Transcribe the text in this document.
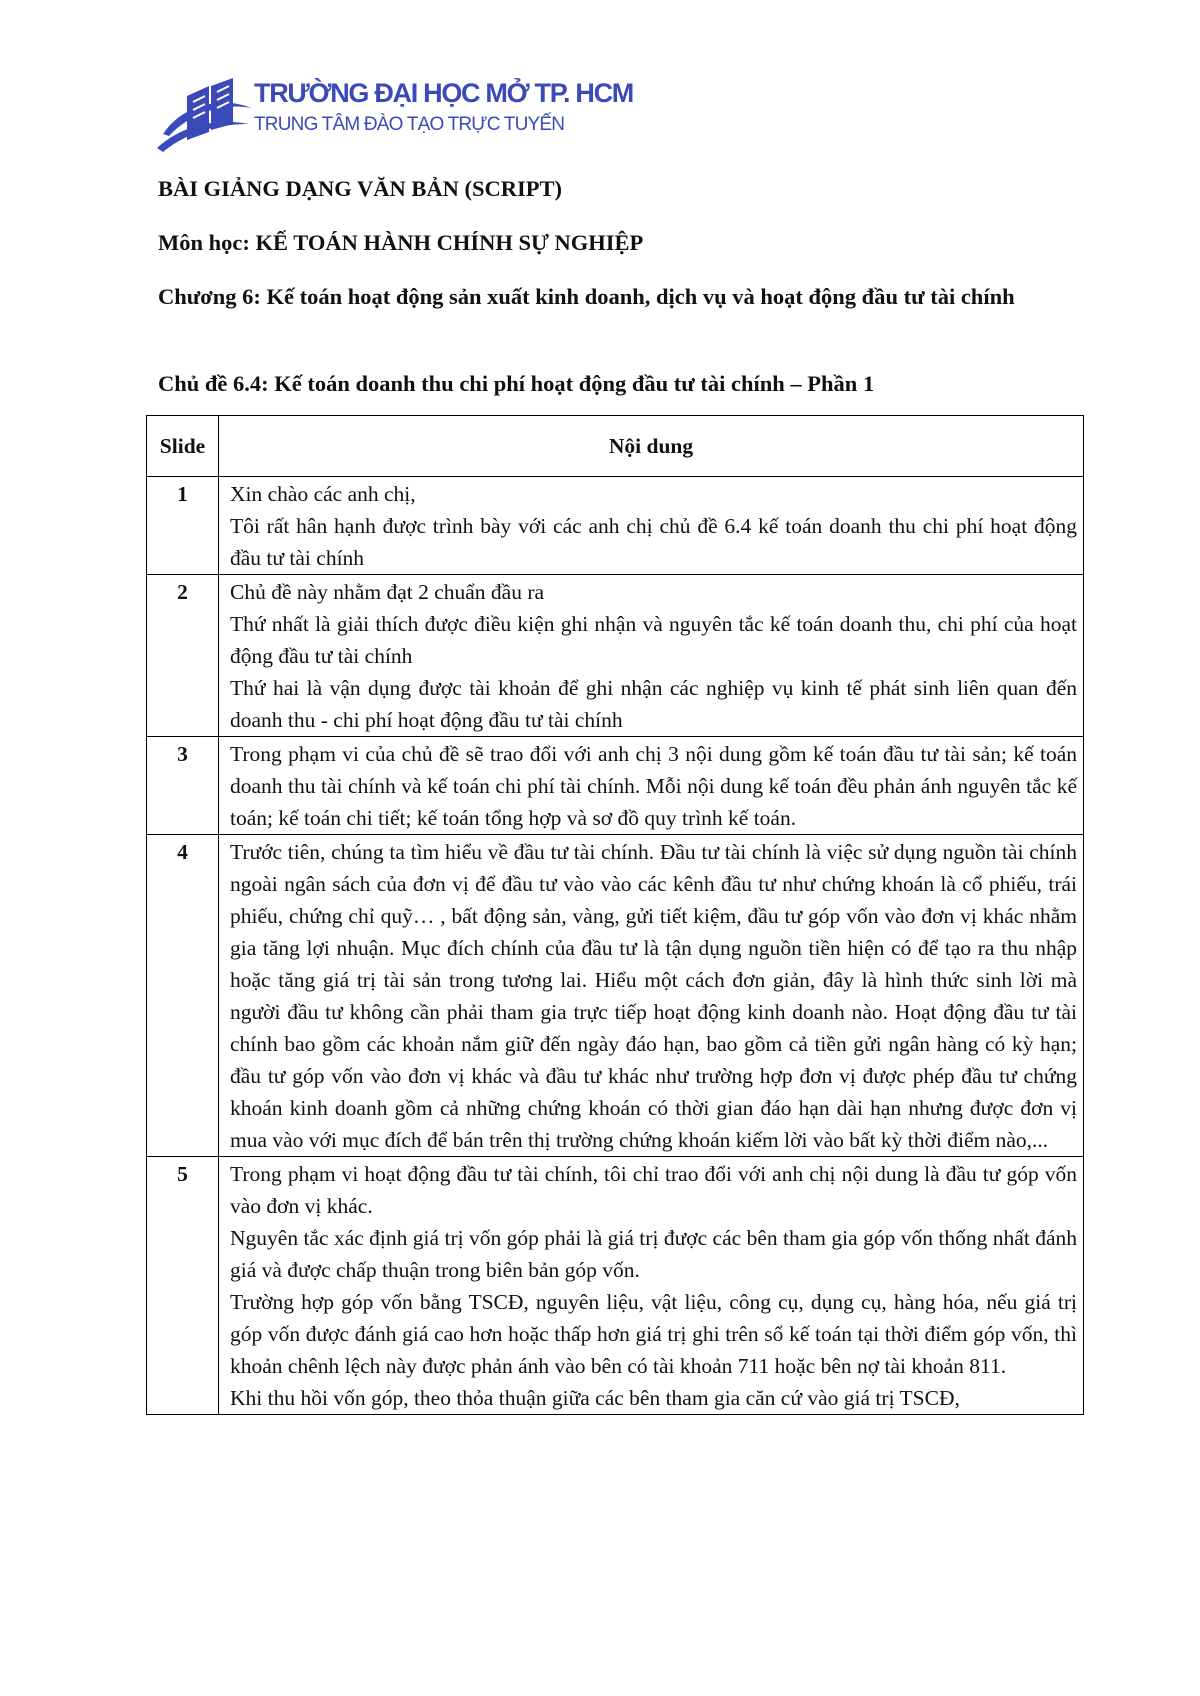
TRƯỜNG ĐẠI HỌC MỞ TP. HCM
TRUNG TÂM ĐÀO TẠO TRỰC TUYẾN
BÀI GIẢNG DẠNG VĂN BẢN (SCRIPT)
Môn học: KẾ TOÁN HÀNH CHÍNH SỰ NGHIỆP
Chương 6: Kế toán hoạt động sản xuất kinh doanh, dịch vụ và hoạt động đầu tư tài chính
Chủ đề 6.4: Kế toán doanh thu chi phí hoạt động đầu tư tài chính – Phần 1
Slide	Nội dung
1	Xin chào các anh chị,

Tôi rất hân hạnh được trình bày với các anh chị chủ đề 6.4 kế toán doanh thu chi phí hoạt động đầu tư tài chính

2	Chủ đề này nhằm đạt 2 chuẩn đầu ra

Thứ nhất là giải thích được điều kiện ghi nhận và nguyên tắc kế toán doanh thu, chi phí của hoạt động đầu tư tài chính

Thứ hai là vận dụng được tài khoản để ghi nhận các nghiệp vụ kinh tế phát sinh liên quan đến doanh thu - chi phí hoạt động đầu tư tài chính

3	Trong phạm vi của chủ đề sẽ trao đổi với anh chị 3 nội dung gồm kế toán đầu tư tài sản; kế toán doanh thu tài chính và kế toán chi phí tài chính. Mỗi nội dung kế toán đều phản ánh nguyên tắc kế toán; kế toán chi tiết; kế toán tổng hợp và sơ đồ quy trình kế toán.

4	Trước tiên, chúng ta tìm hiểu về đầu tư tài chính. Đầu tư tài chính là việc sử dụng nguồn tài chính ngoài ngân sách của đơn vị để đầu tư vào vào các kênh đầu tư như chứng khoán là cổ phiếu, trái phiếu, chứng chỉ quỹ… , bất động sản, vàng, gửi tiết kiệm, đầu tư góp vốn vào đơn vị khác nhằm gia tăng lợi nhuận. Mục đích chính của đầu tư là tận dụng nguồn tiền hiện có để tạo ra thu nhập hoặc tăng giá trị tài sản trong tương lai. Hiểu một cách đơn giản, đây là hình thức sinh lời mà người đầu tư không cần phải tham gia trực tiếp hoạt động kinh doanh nào. Hoạt động đầu tư tài chính bao gồm các khoản nắm giữ đến ngày đáo hạn, bao gồm cả tiền gửi ngân hàng có kỳ hạn; đầu tư góp vốn vào đơn vị khác và đầu tư khác như trường hợp đơn vị được phép đầu tư chứng khoán kinh doanh gồm cả những chứng khoán có thời gian đáo hạn dài hạn nhưng được đơn vị mua vào với mục đích để bán trên thị trường chứng khoán kiếm lời vào bất kỳ thời điểm nào,...

5	Trong phạm vi hoạt động đầu tư tài chính, tôi chỉ trao đổi với anh chị nội dung là đầu tư góp vốn vào đơn vị khác.

Nguyên tắc xác định giá trị vốn góp phải là giá trị được các bên tham gia góp vốn thống nhất đánh giá và được chấp thuận trong biên bản góp vốn.

Trường hợp góp vốn bằng TSCĐ, nguyên liệu, vật liệu, công cụ, dụng cụ, hàng hóa, nếu giá trị góp vốn được đánh giá cao hơn hoặc thấp hơn giá trị ghi trên sổ kế toán tại thời điểm góp vốn, thì khoản chênh lệch này được phản ánh vào bên có tài khoản 711 hoặc bên nợ tài khoản 811.

Khi thu hồi vốn góp, theo thỏa thuận giữa các bên tham gia căn cứ vào giá trị TSCĐ,
